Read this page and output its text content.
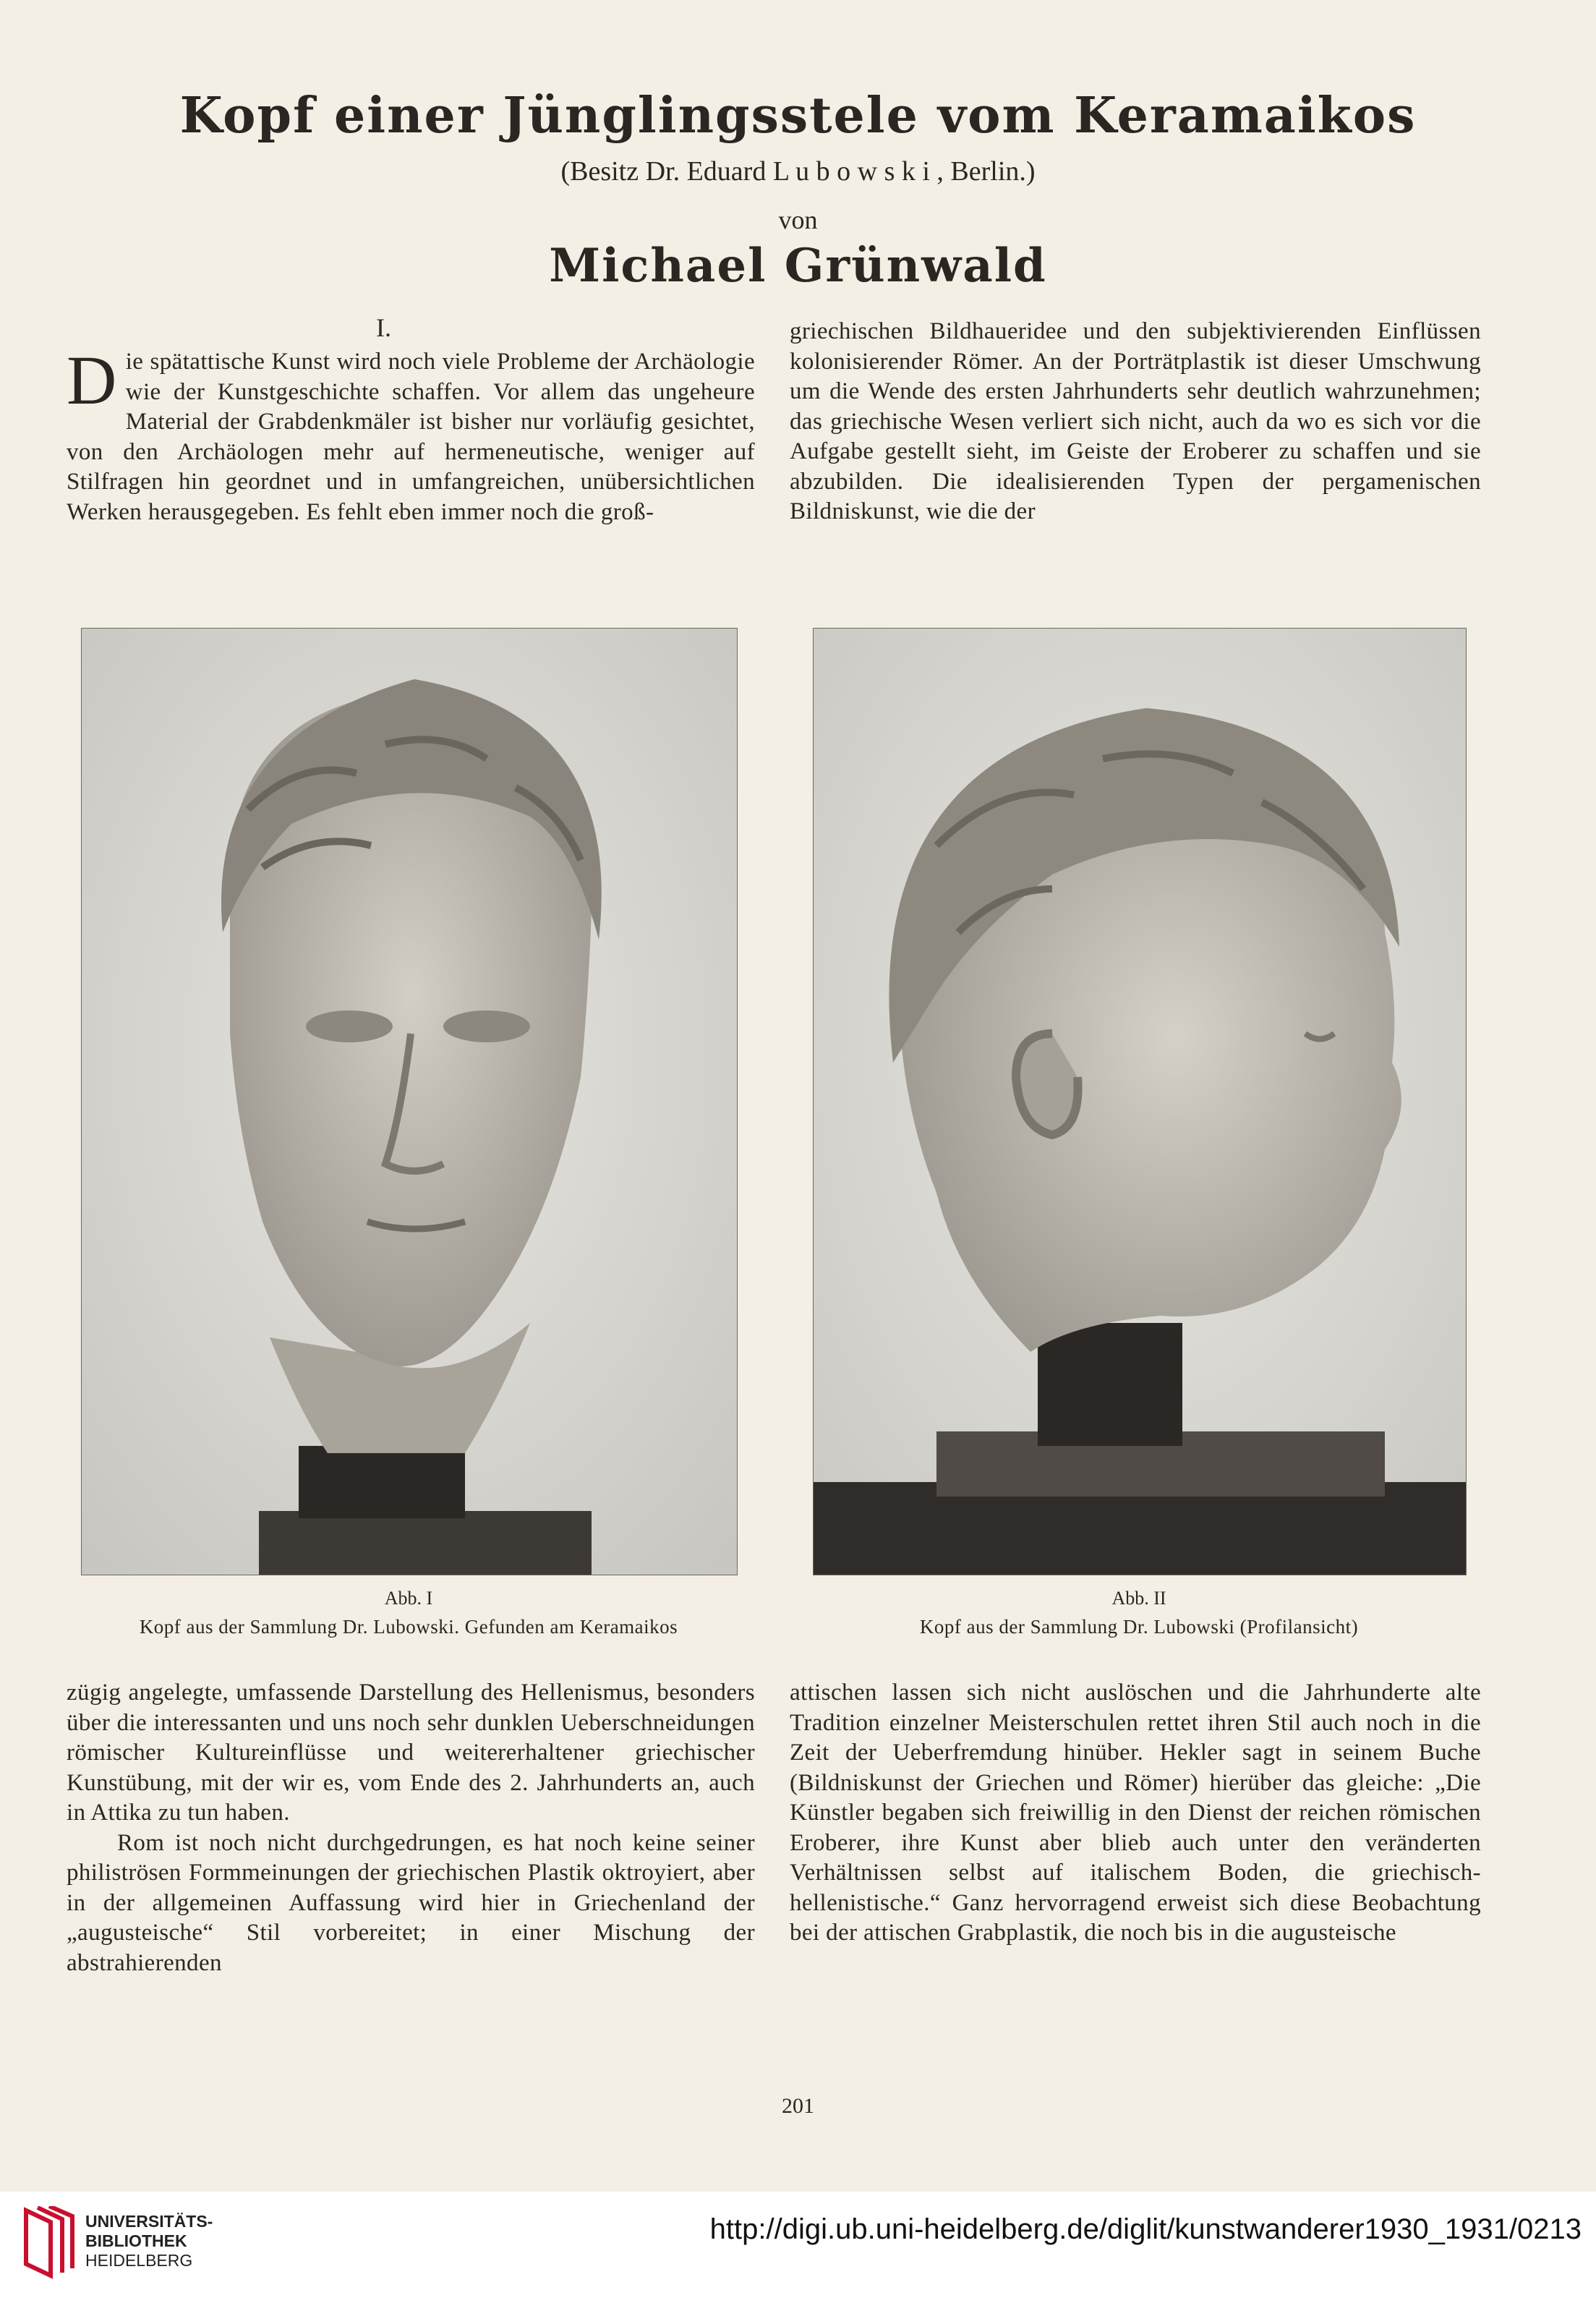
Kopf einer Jünglingsstele vom Keramaikos
(Besitz Dr. Eduard L u b o w s k i , Berlin.)
von
Michael Grünwald
I.

Die spätattische Kunst wird noch viele Probleme der Archäologie wie der Kunstgeschichte schaffen. Vor allem das ungeheure Material der Grabdenkmäler ist bisher nur vorläufig gesichtet, von den Archäologen mehr auf hermeneutische, weniger auf Stilfragen hin geordnet und in umfangreichen, unübersichtlichen Werken herausgegeben. Es fehlt eben immer noch die groß-

griechischen Bildhaueridee und den subjektivierenden Einflüssen kolonisierender Römer. An der Porträtplastik ist dieser Umschwung um die Wende des ersten Jahrhunderts sehr deutlich wahrzunehmen; das griechische Wesen verliert sich nicht, auch da wo es sich vor die Aufgabe gestellt sieht, im Geiste der Eroberer zu schaffen und sie abzubilden. Die idealisierenden Typen der pergamenischen Bildniskunst, wie die der

Abb. I
Kopf aus der Sammlung Dr. Lubowski. Gefunden am Keramaikos
Abb. II
Kopf aus der Sammlung Dr. Lubowski (Profilansicht)

zügig angelegte, umfassende Darstellung des Hellenismus, besonders über die interessanten und uns noch sehr dunklen Ueberschneidungen römischer Kultureinflüsse und weitererhaltener griechischer Kunstübung, mit der wir es, vom Ende des 2. Jahrhunderts an, auch in Attika zu tun haben.

Rom ist noch nicht durchgedrungen, es hat noch keine seiner philiströsen Formmeinungen der griechischen Plastik oktroyiert, aber in der allgemeinen Auffassung wird hier in Griechenland der „augusteische“ Stil vorbereitet; in einer Mischung der abstrahierenden

attischen lassen sich nicht auslöschen und die Jahrhunderte alte Tradition einzelner Meisterschulen rettet ihren Stil auch noch in die Zeit der Ueberfremdung hinüber. Hekler sagt in seinem Buche (Bildniskunst der Griechen und Römer) hierüber das gleiche: „Die Künstler begaben sich freiwillig in den Dienst der reichen römischen Eroberer, ihre Kunst aber blieb auch unter den veränderten Verhältnissen selbst auf italischem Boden, die griechisch-hellenistische.“ Ganz hervorragend erweist sich diese Beobachtung bei der attischen Grabplastik, die noch bis in die augusteische

201
UNIVERSITÄTS-
BIBLIOTHEK
HEIDELBERG
http://digi.ub.uni-heidelberg.de/diglit/kunstwanderer1930_1931/0213
